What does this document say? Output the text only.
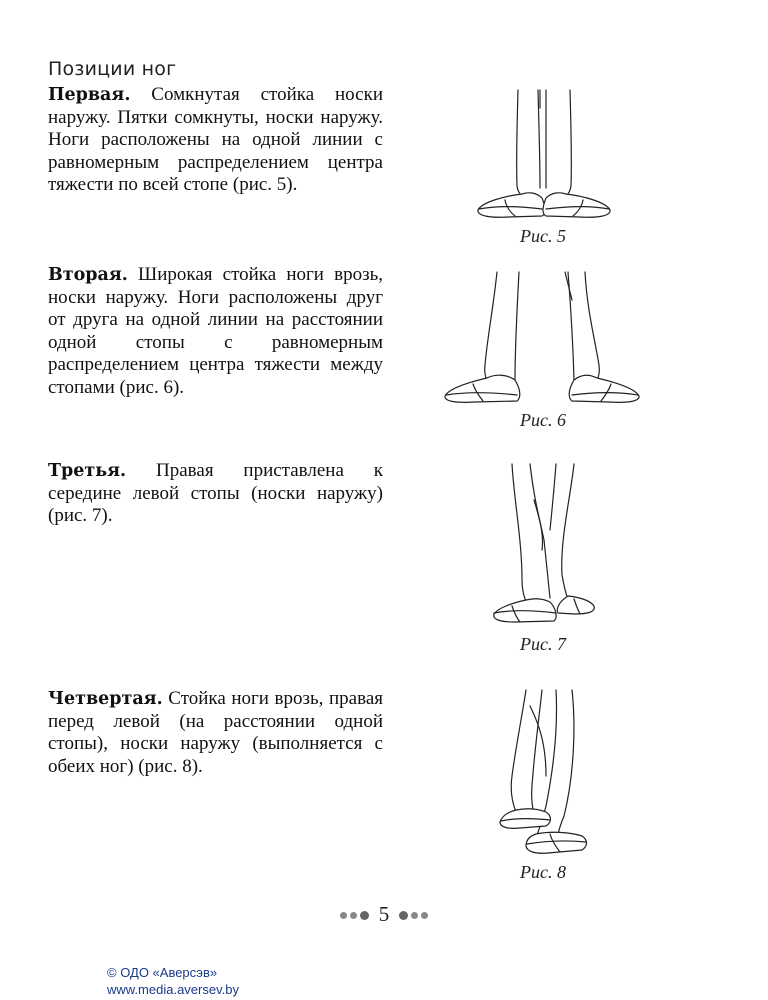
Позиции ног
Первая. Сомкнутая стойка носки наружу. Пятки сомкнуты, носки наружу. Ноги расположены на одной линии с равномерным распределением центра тяжести по всей стопе (рис. 5).
Вторая. Широкая стойка ноги врозь, носки наружу. Ноги расположены друг от друга на одной линии на расстоянии одной стопы с равномерным распределением центра тяжести между стопами (рис. 6).
Третья. Правая приставлена к середине левой стопы (носки наружу) (рис. 7).
Четвертая. Стойка ноги врозь, правая перед левой (на расстоянии одной стопы), носки наружу (выполняется с обеих ног) (рис. 8).
Рис. 5
Рис. 6
Рис. 7
Рис. 8
5
© ОДО «Аверсэв»
www.media.aversev.by
